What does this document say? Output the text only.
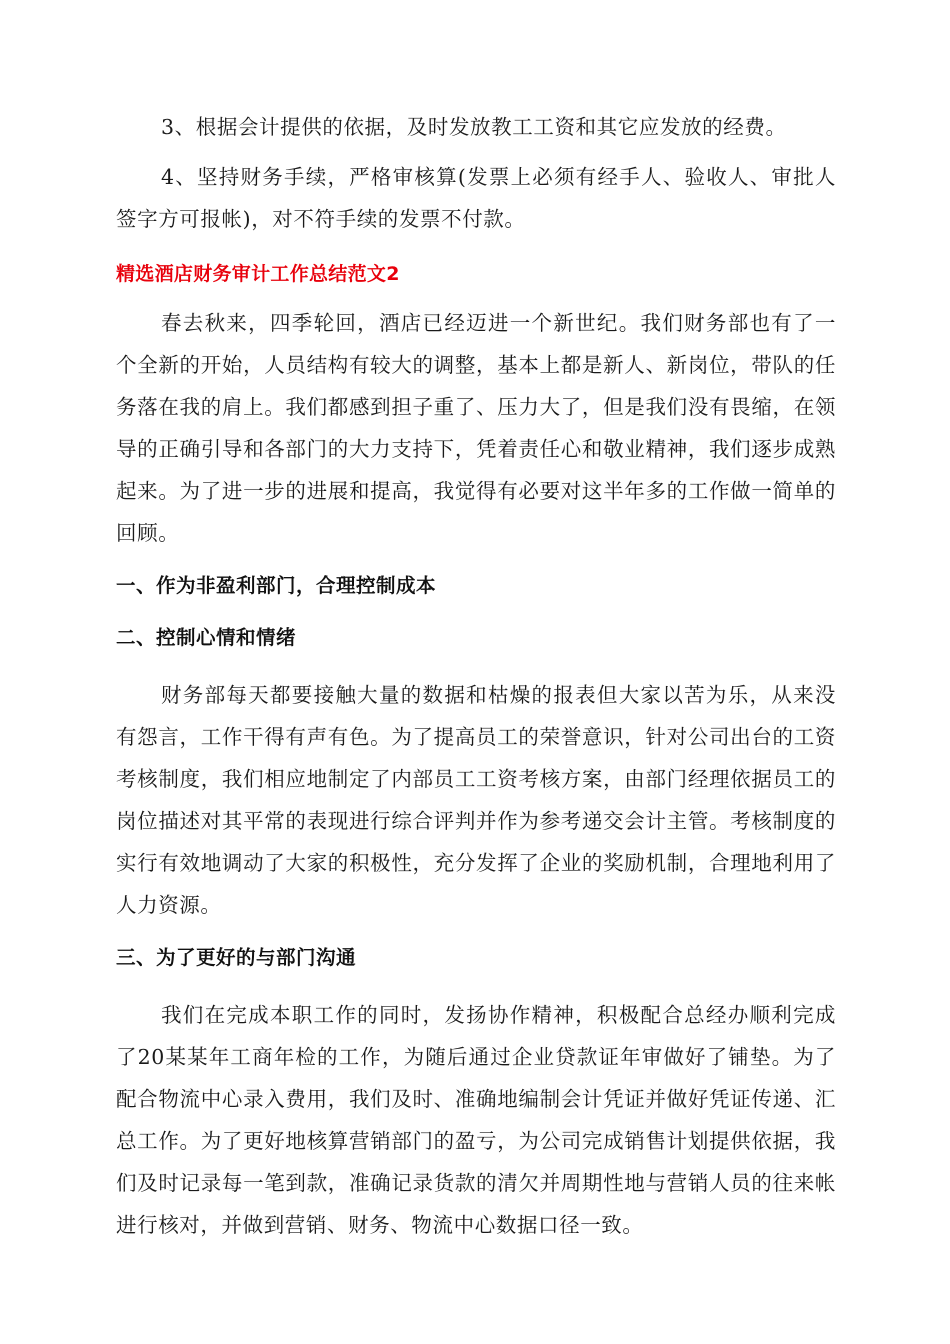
3、根据会计提供的依据，及时发放教工工资和其它应发放的经费。

4、坚持财务手续，严格审核算(发票上必须有经手人、验收人、审批人签字方可报帐)，对不符手续的发票不付款。

精选酒店财务审计工作总结范文2

春去秋来，四季轮回，酒店已经迈进一个新世纪。我们财务部也有了一个全新的开始，人员结构有较大的调整，基本上都是新人、新岗位，带队的任务落在我的肩上。我们都感到担子重了、压力大了，但是我们没有畏缩，在领导的正确引导和各部门的大力支持下，凭着责任心和敬业精神，我们逐步成熟起来。为了进一步的进展和提高，我觉得有必要对这半年多的工作做一简单的回顾。

一、作为非盈利部门，合理控制成本
二、控制心情和情绪

财务部每天都要接触大量的数据和枯燥的报表但大家以苦为乐，从来没有怨言，工作干得有声有色。为了提高员工的荣誉意识，针对公司出台的工资考核制度，我们相应地制定了内部员工工资考核方案，由部门经理依据员工的岗位描述对其平常的表现进行综合评判并作为参考递交会计主管。考核制度的实行有效地调动了大家的积极性，充分发挥了企业的奖励机制，合理地利用了人力资源。

三、为了更好的与部门沟通

我们在完成本职工作的同时，发扬协作精神，积极配合总经办顺利完成了20某某年工商年检的工作，为随后通过企业贷款证年审做好了铺垫。为了配合物流中心录入费用，我们及时、准确地编制会计凭证并做好凭证传递、汇总工作。为了更好地核算营销部门的盈亏，为公司完成销售计划提供依据，我们及时记录每一笔到款，准确记录货款的清欠并周期性地与营销人员的往来帐进行核对，并做到营销、财务、物流中心数据口径一致。
